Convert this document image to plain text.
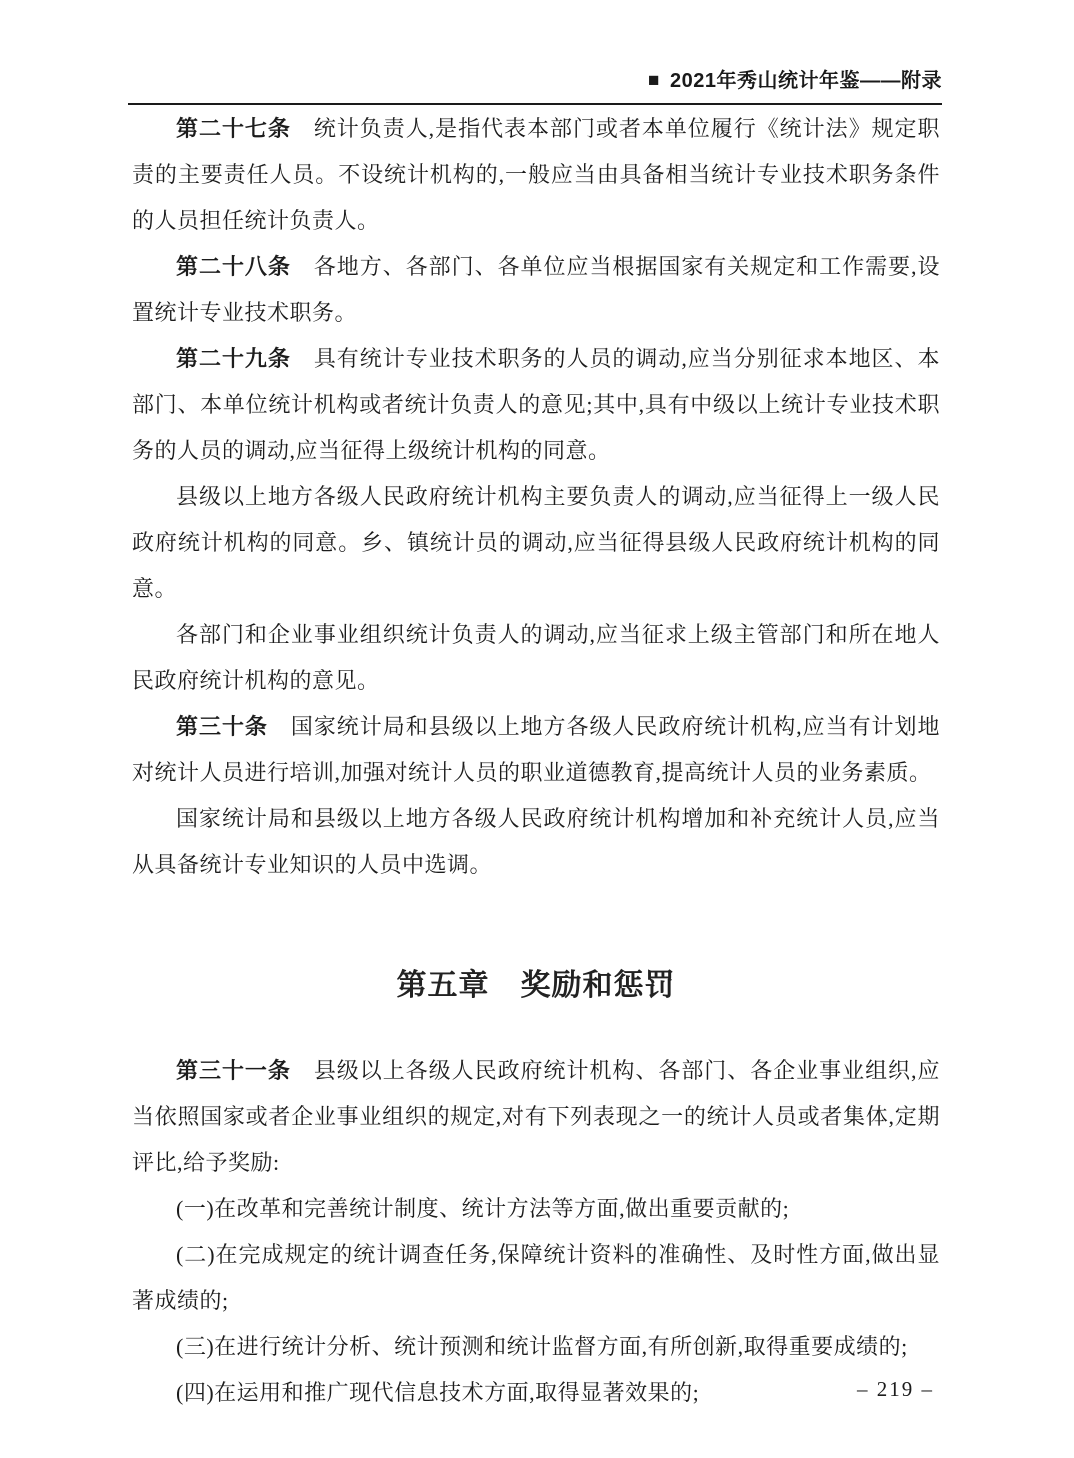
■ 2021年秀山统计年鉴——附录

第二十七条　统计负责人,是指代表本部门或者本单位履行《统计法》规定职责的主要责任人员。不设统计机构的,一般应当由具备相当统计专业技术职务条件的人员担任统计负责人。

第二十八条　各地方、各部门、各单位应当根据国家有关规定和工作需要,设置统计专业技术职务。

第二十九条　具有统计专业技术职务的人员的调动,应当分别征求本地区、本部门、本单位统计机构或者统计负责人的意见;其中,具有中级以上统计专业技术职务的人员的调动,应当征得上级统计机构的同意。

县级以上地方各级人民政府统计机构主要负责人的调动,应当征得上一级人民政府统计机构的同意。乡、镇统计员的调动,应当征得县级人民政府统计机构的同意。

各部门和企业事业组织统计负责人的调动,应当征求上级主管部门和所在地人民政府统计机构的意见。

第三十条　国家统计局和县级以上地方各级人民政府统计机构,应当有计划地对统计人员进行培训,加强对统计人员的职业道德教育,提高统计人员的业务素质。

国家统计局和县级以上地方各级人民政府统计机构增加和补充统计人员,应当从具备统计专业知识的人员中选调。

第五章　奖励和惩罚

第三十一条　县级以上各级人民政府统计机构、各部门、各企业事业组织,应当依照国家或者企业事业组织的规定,对有下列表现之一的统计人员或者集体,定期评比,给予奖励:

(一)在改革和完善统计制度、统计方法等方面,做出重要贡献的;

(二)在完成规定的统计调查任务,保障统计资料的准确性、及时性方面,做出显著成绩的;

(三)在进行统计分析、统计预测和统计监督方面,有所创新,取得重要成绩的;

(四)在运用和推广现代信息技术方面,取得显著效果的;	– 219 –
